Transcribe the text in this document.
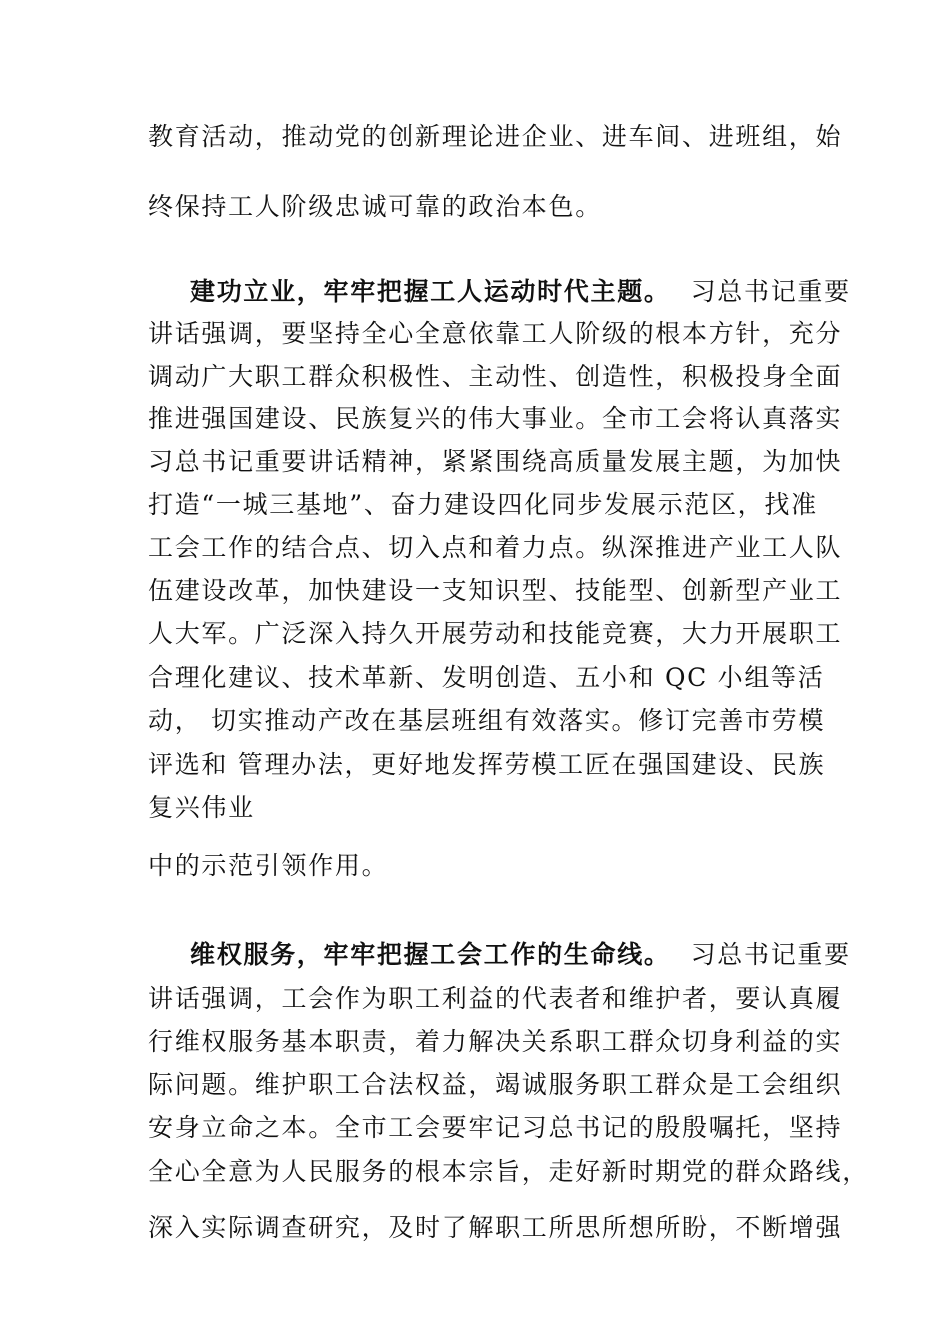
教育活动，推动党的创新理论进企业、进车间、进班组，始
终保持工人阶级忠诚可靠的政治本色。
建功立业，牢牢把握工人运动时代主题。 习总书记重要
讲话强调，要坚持全心全意依靠工人阶级的根本方针，充分
调动广大职工群众积极性、主动性、创造性，积极投身全面
推进强国建设、民族复兴的伟大事业。全市工会将认真落实
习总书记重要讲话精神，紧紧围绕高质量发展主题，为加快
打造“一城三基地”、奋力建设四化同步发展示范区，找准
工会工作的结合点、切入点和着力点。纵深推进产业工人队
伍建设改革，加快建设一支知识型、技能型、创新型产业工
人大军。广泛深入持久开展劳动和技能竞赛，大力开展职工
合理化建议、技术革新、发明创造、五小和 QC 小组等活
动， 切实推动产改在基层班组有效落实。修订完善市劳模
评选和 管理办法，更好地发挥劳模工匠在强国建设、民族
复兴伟业
中的示范引领作用。
维权服务，牢牢把握工会工作的生命线。 习总书记重要
讲话强调，工会作为职工利益的代表者和维护者，要认真履
行维权服务基本职责，着力解决关系职工群众切身利益的实
际问题。维护职工合法权益，竭诚服务职工群众是工会组织
安身立命之本。全市工会要牢记习总书记的殷殷嘱托，坚持
全心全意为人民服务的根本宗旨，走好新时期党的群众路线，
深入实际调查研究，及时了解职工所思所想所盼，不断增强
